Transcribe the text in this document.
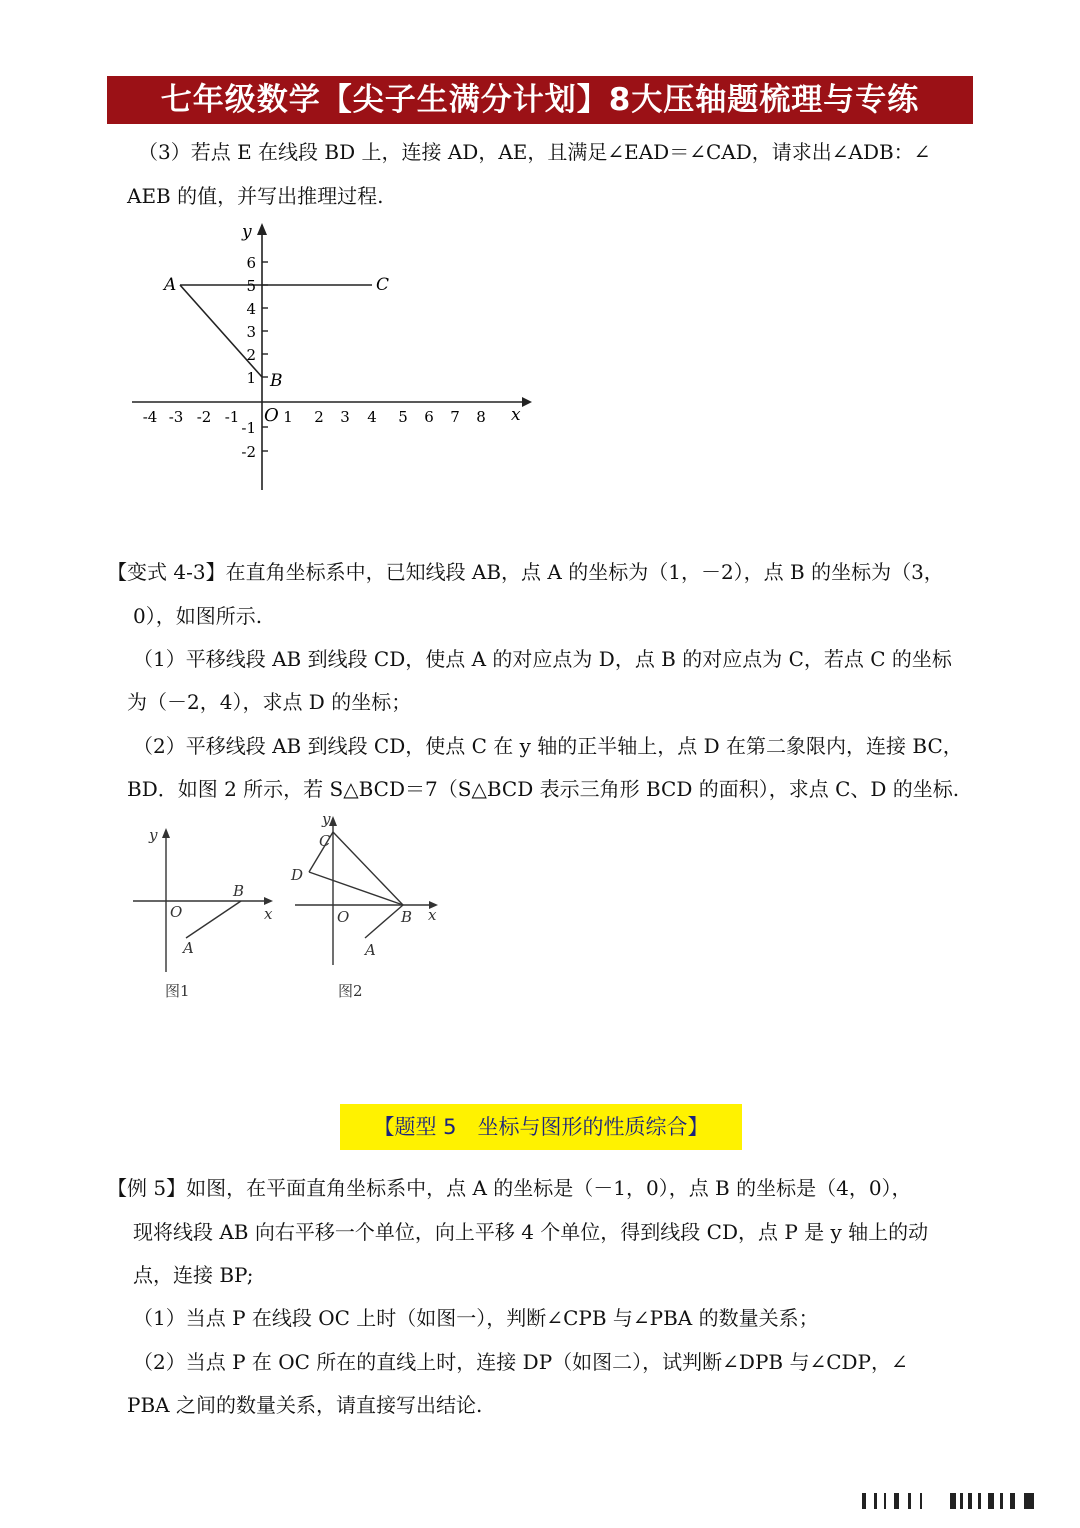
七年级数学【尖子生满分计划】8大压轴题梳理与专练
（3）若点 E 在线段 BD 上，连接 AD，AE，且满足∠EAD＝∠CAD，请求出∠ADB：∠
AEB 的值，并写出推理过程.
y
x
O
-4 -3 -2 -1	1 2 3 4 5 6 7 8
6
5
4
3
2
1
-1
-2
A	C
B
【变式 4-3】在直角坐标系中，已知线段 AB，点 A 的坐标为（1，－2），点 B 的坐标为（3，
0），如图所示.
（1）平移线段 AB 到线段 CD，使点 A 的对应点为 D，点 B 的对应点为 C，若点 C 的坐标
为（－2，4），求点 D 的坐标；
（2）平移线段 AB 到线段 CD，使点 C 在 y 轴的正半轴上，点 D 在第二象限内，连接 BC，
BD．如图 2 所示，若 S△BCD＝7（S△BCD 表示三角形 BCD 的面积），求点 C、D 的坐标.
y
x
O
B
A
图1
y
C
D
x
O	B
A
图2
【题型 5　坐标与图形的性质综合】
【例 5】如图，在平面直角坐标系中，点 A 的坐标是（－1，0），点 B 的坐标是（4，0），
现将线段 AB 向右平移一个单位，向上平移 4 个单位，得到线段 CD，点 P 是 y 轴上的动
点，连接 BP;
（1）当点 P 在线段 OC 上时（如图一），判断∠CPB 与∠PBA 的数量关系；
（2）当点 P 在 OC 所在的直线上时，连接 DP（如图二），试判断∠DPB 与∠CDP，∠
PBA 之间的数量关系，请直接写出结论.
